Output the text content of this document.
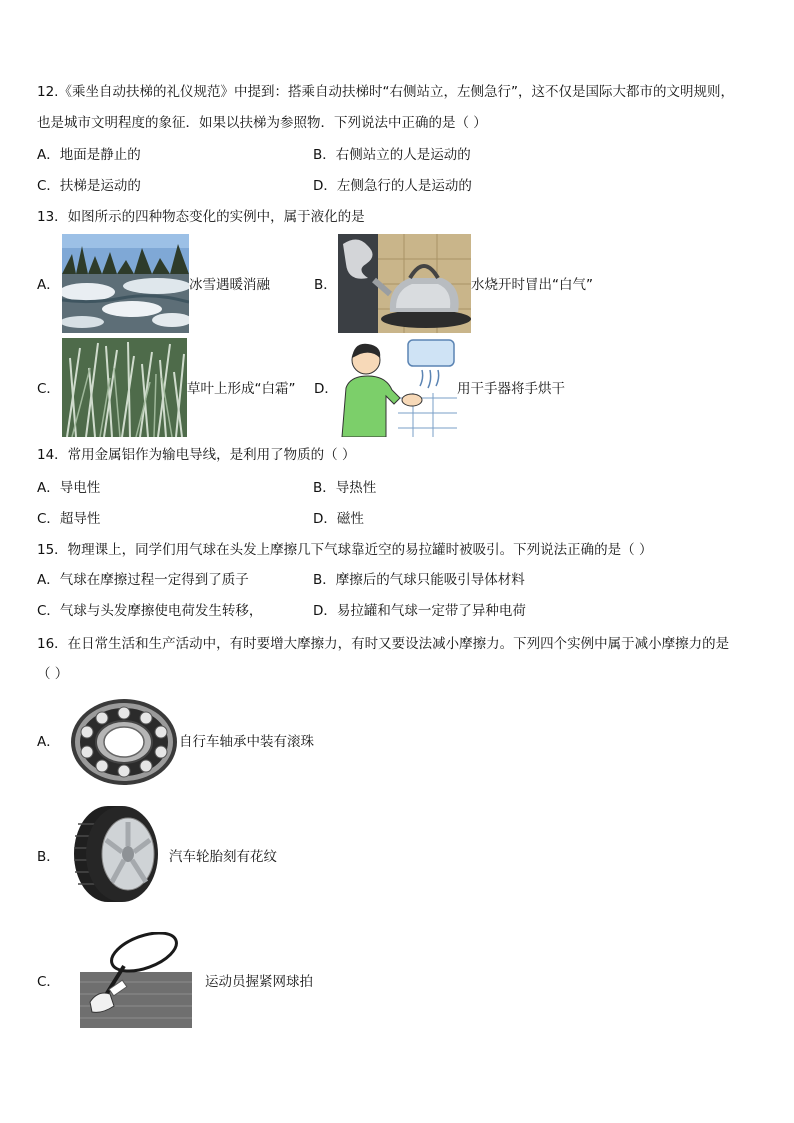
12.《乘坐自动扶梯的礼仪规范》中提到：搭乘自动扶梯时“右侧站立，左侧急行”，这不仅是国际大都市的文明规则，
也是城市文明程度的象征．如果以扶梯为参照物．下列说法中正确的是（ ）
A．地面是静止的	B．右侧站立的人是运动的
C．扶梯是运动的	D．左侧急行的人是运动的
13．如图所示的四种物态变化的实例中，属于液化的是
A．	冰雪遇暖消融	B．	水烧开时冒出“白气”
C．	草叶上形成“白霜” D．	用干手器将手烘干
14．常用金属铝作为输电导线，是利用了物质的（ ）
A．导电性	B．导热性
C．超导性	D．磁性
15．物理课上，同学们用气球在头发上摩擦几下气球靠近空的易拉罐时被吸引。下列说法正确的是（ ）
A．气球在摩擦过程一定得到了质子	B．摩擦后的气球只能吸引导体材料
C．气球与头发摩擦使电荷发生转移，	D．易拉罐和气球一定带了异种电荷
16．在日常生活和生产活动中，有时要增大摩擦力，有时又要设法减小摩擦力。下列四个实例中属于减小摩擦力的是
（ ）
A．	自行车轴承中装有滚珠
B．	汽车轮胎刻有花纹
C．	运动员握紧网球拍
